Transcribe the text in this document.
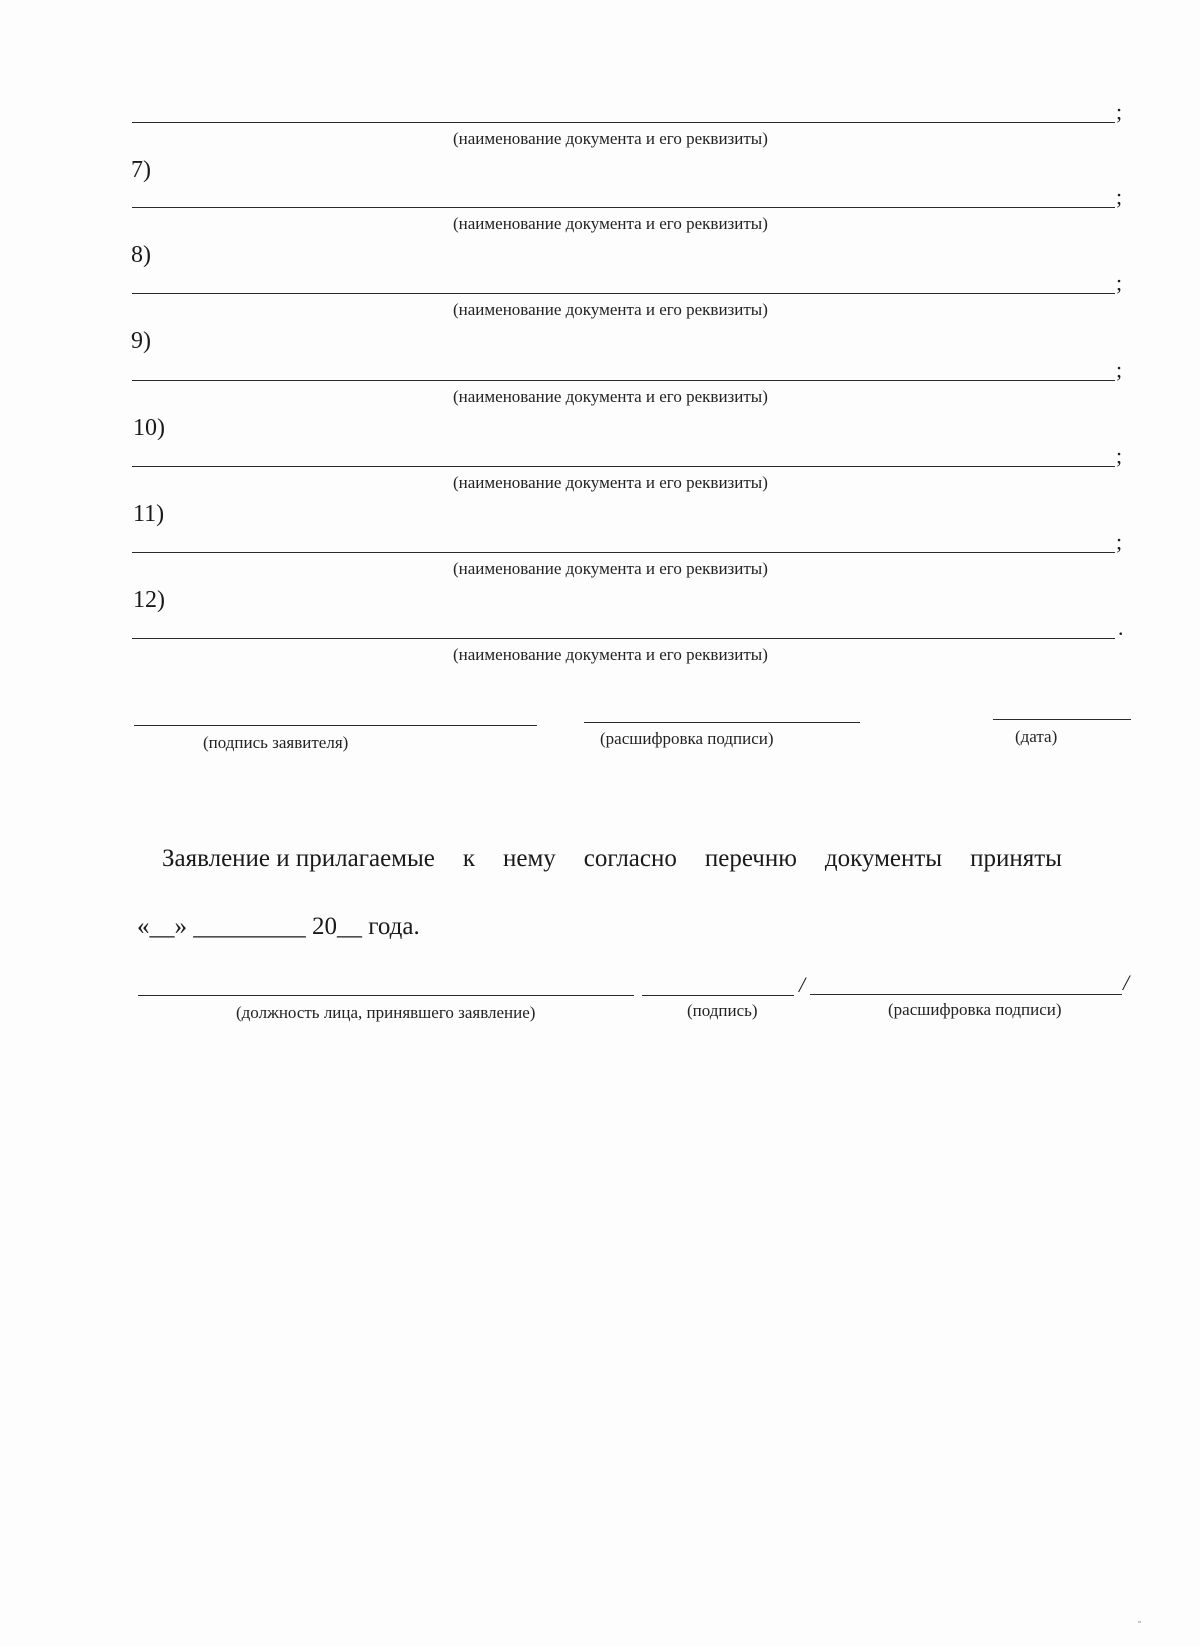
;
(наименование документа и его реквизиты)
7)
;
(наименование документа и его реквизиты)
8)
;
(наименование документа и его реквизиты)
9)
;
(наименование документа и его реквизиты)
10)
;
(наименование документа и его реквизиты)
11)
;
(наименование документа и его реквизиты)
12)
.
(наименование документа и его реквизиты)
(подпись заявителя)	(расшифровка подписи)	(дата)
Заявление и прилагаемые к нему согласно перечню документы приняты
«__» _________ 20__ года.
/	/
(должность лица, принявшего заявление)	(подпись)	(расшифровка подписи)
